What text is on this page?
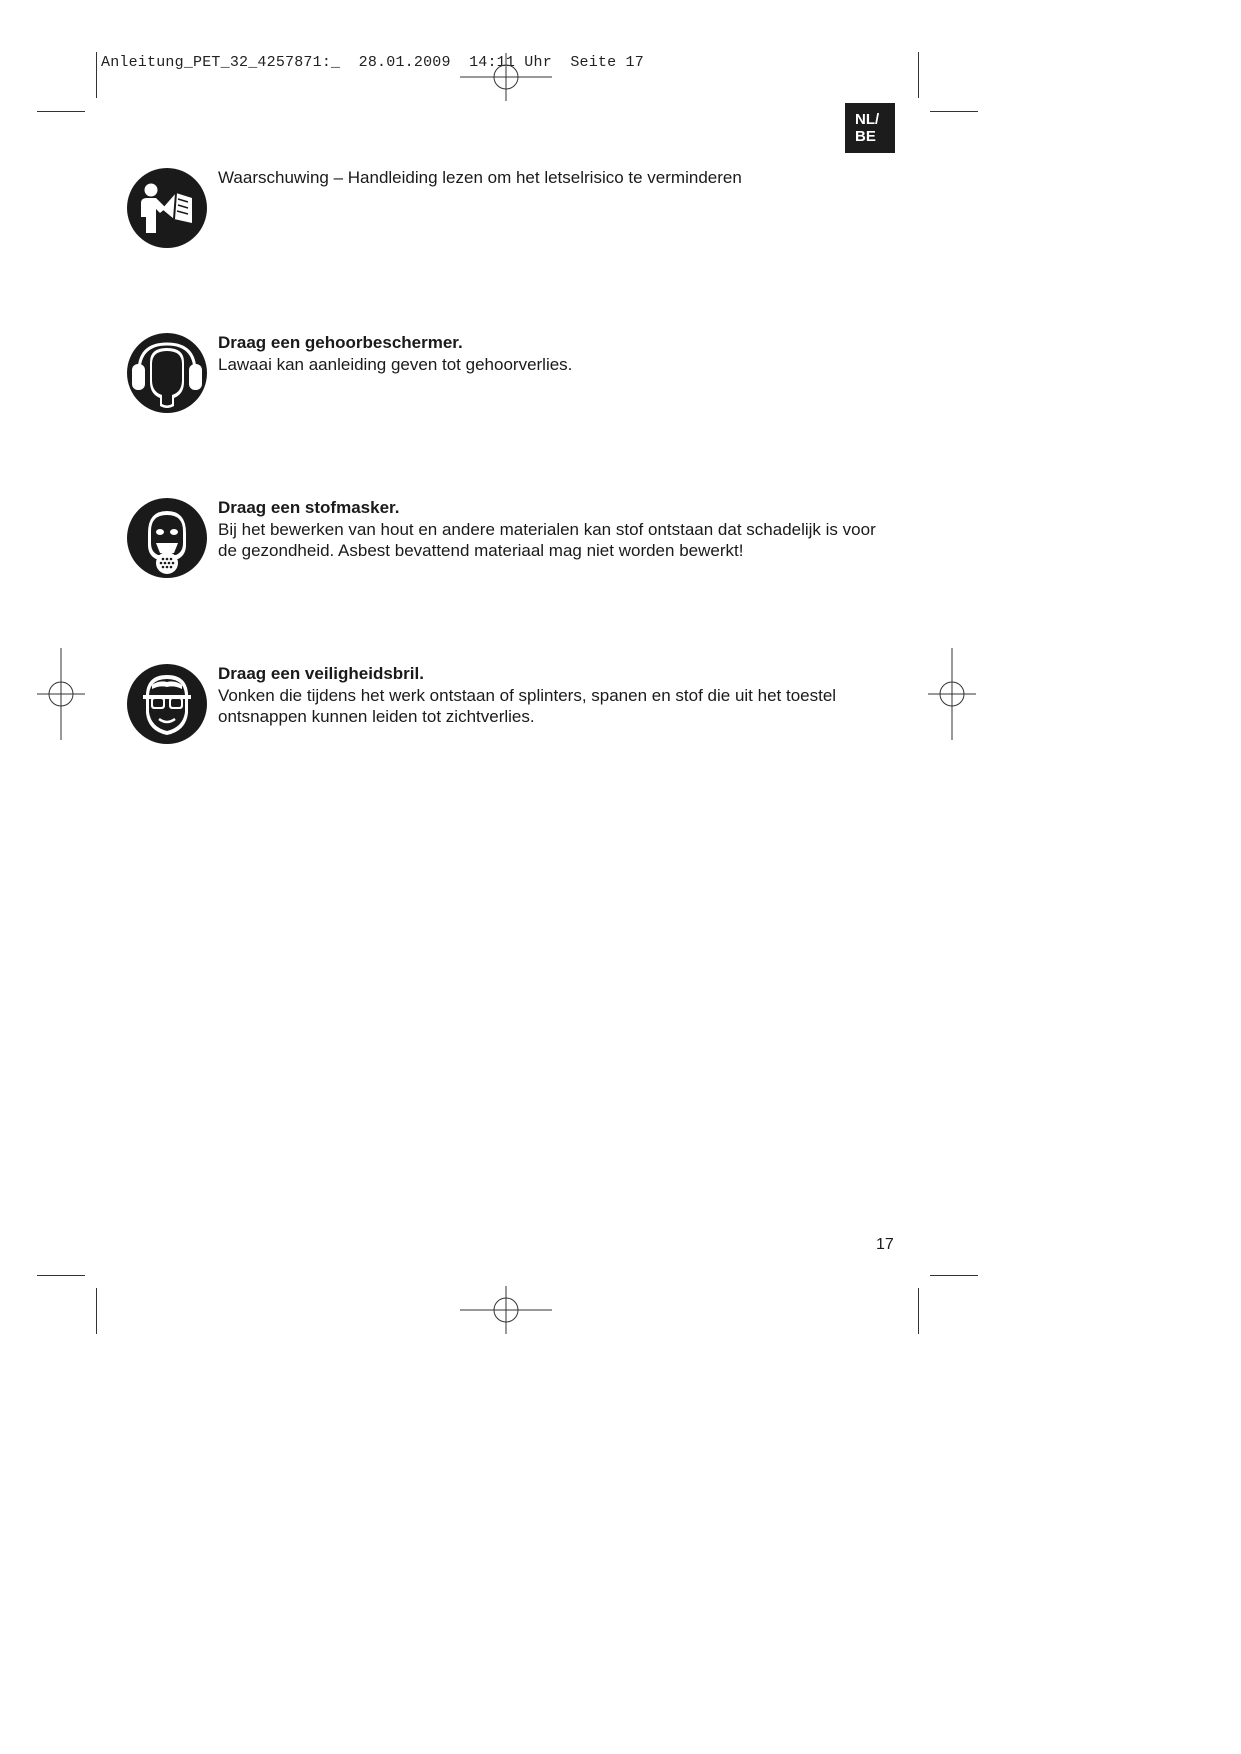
Anleitung_PET_32_4257871:_ 28.01.2009 14:11 Uhr Seite 17
NL/
BE
Waarschuwing – Handleiding lezen om het letselrisico te verminderen
Draag een gehoorbeschermer.
Lawaai kan aanleiding geven tot gehoorverlies.
Draag een stofmasker.
Bij het bewerken van hout en andere materialen kan stof ontstaan dat schadelijk is voor de gezondheid. Asbest bevattend materiaal mag niet worden bewerkt!
Draag een veiligheidsbril.
Vonken die tijdens het werk ontstaan of splinters, spanen en stof die uit het toestel ontsnappen kunnen leiden tot zichtverlies.
17
